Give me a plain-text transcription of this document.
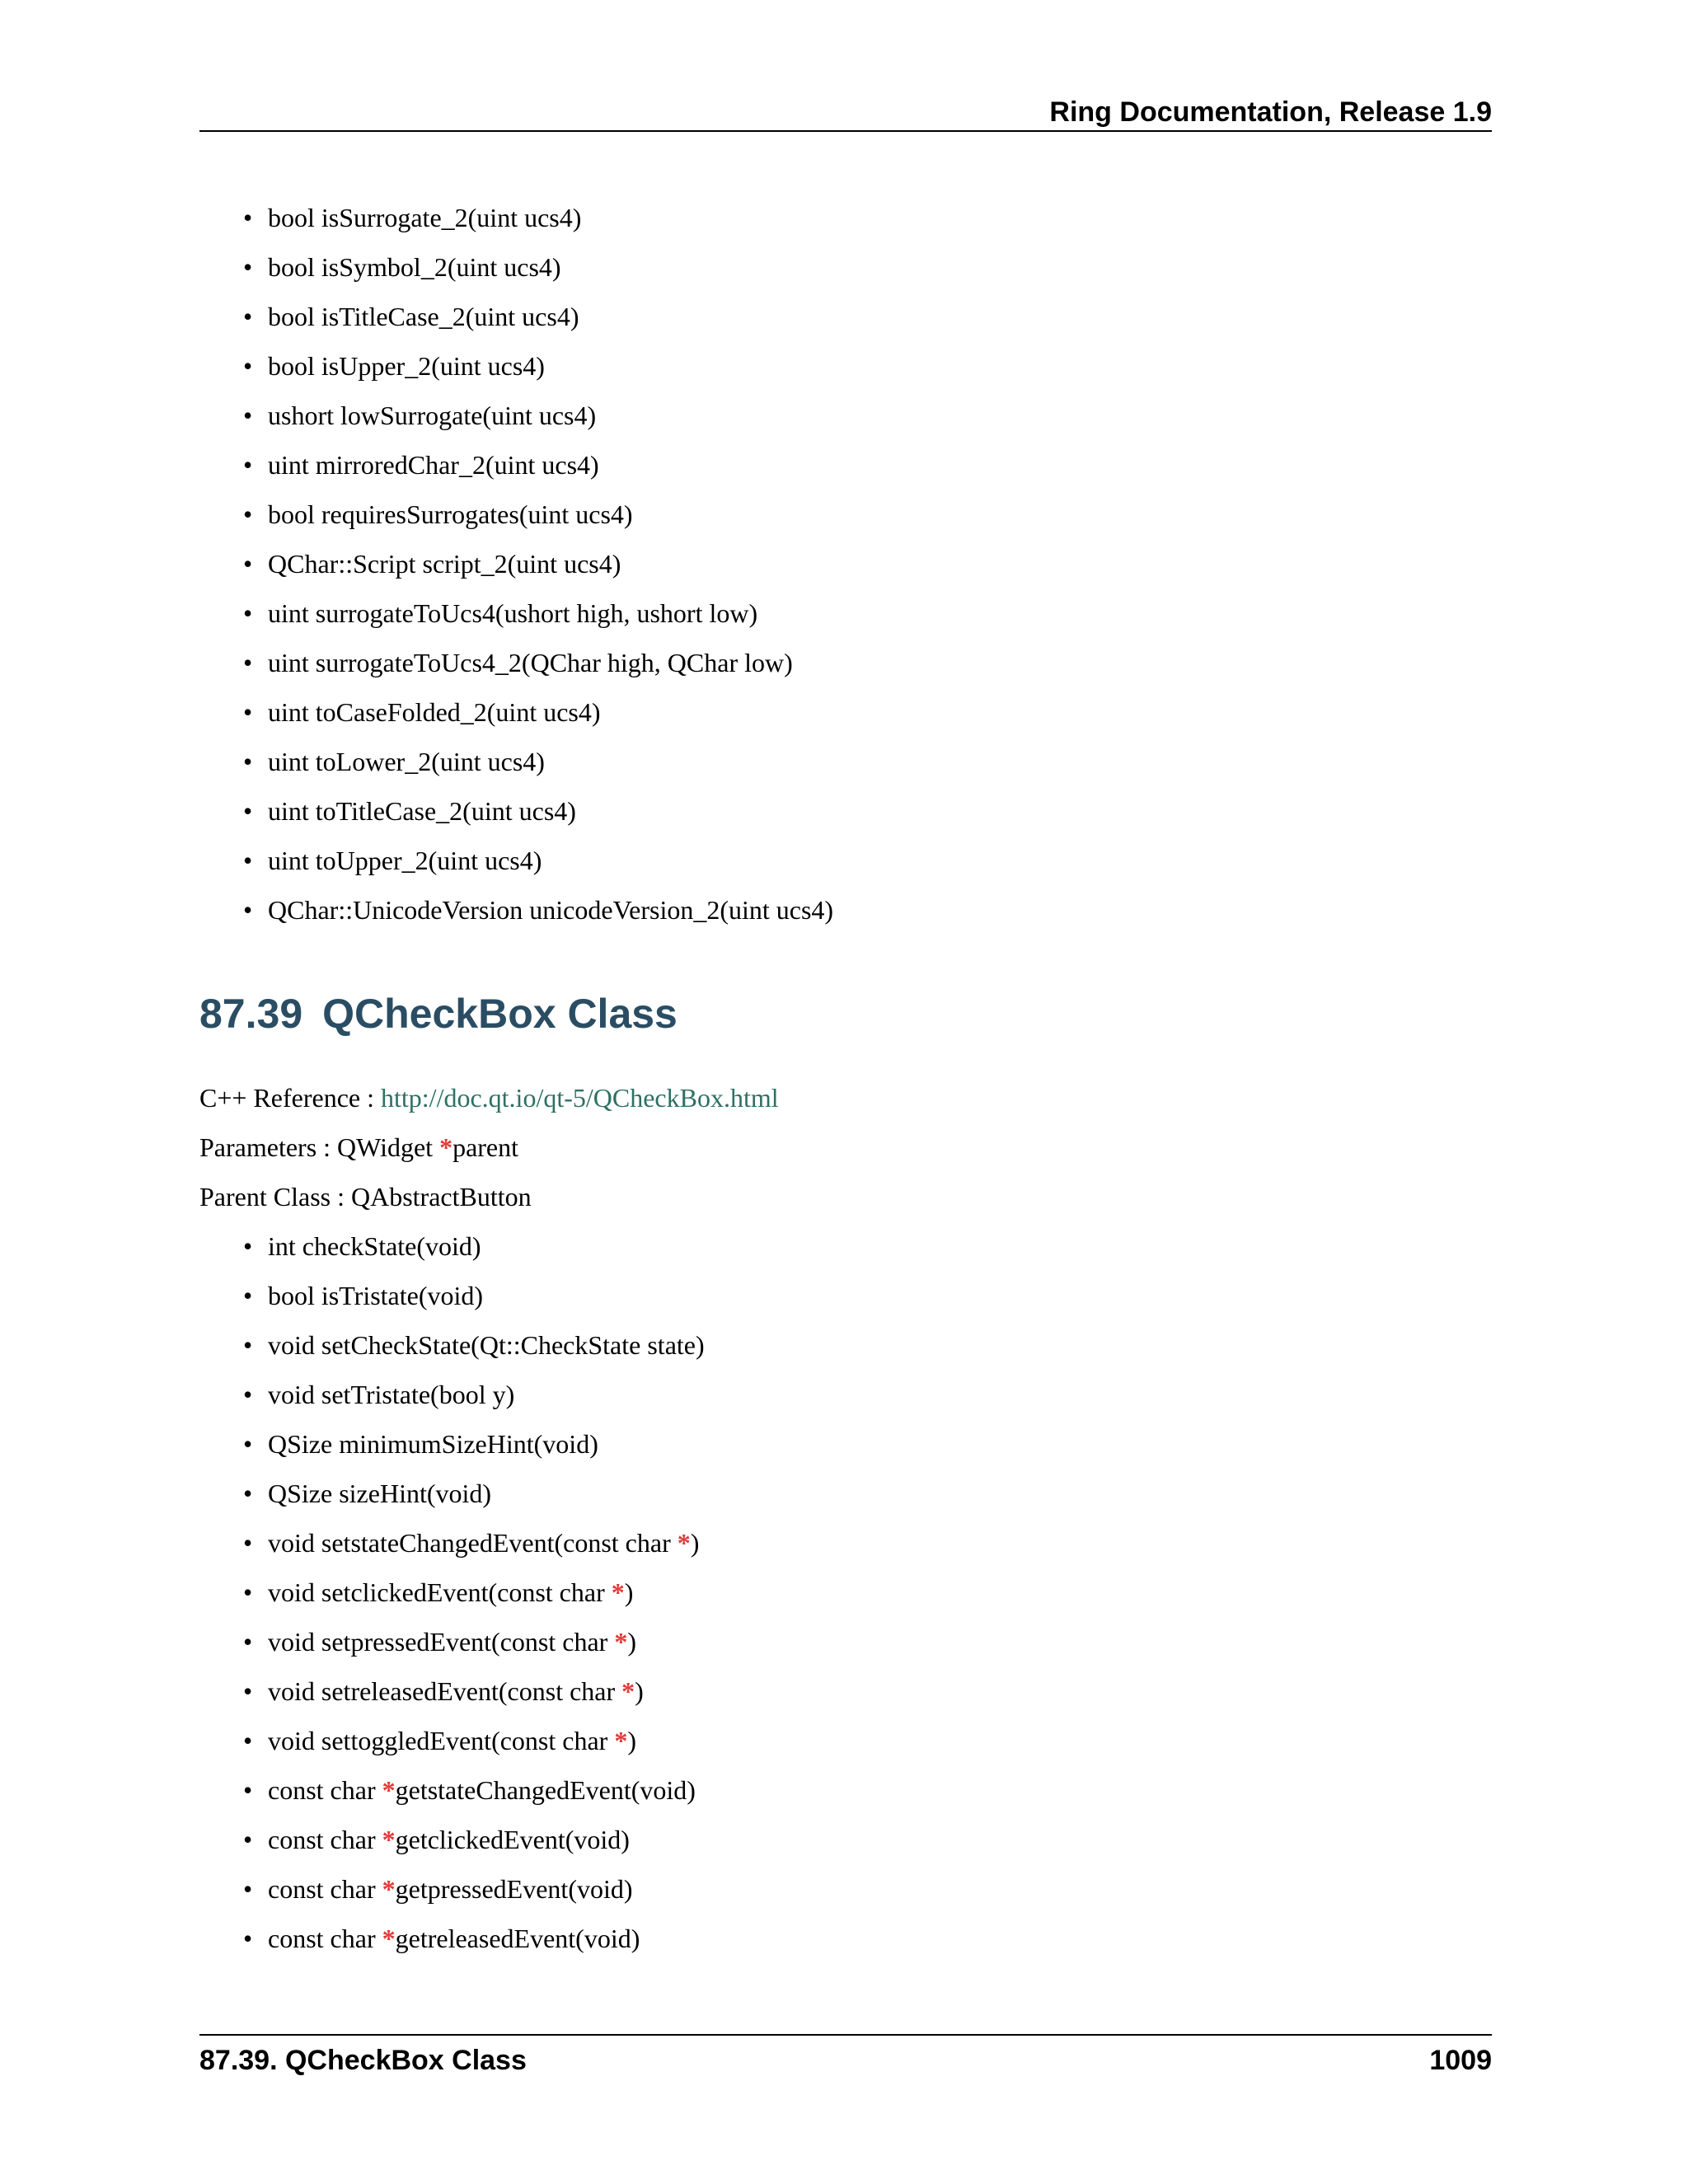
Ring Documentation, Release 1.9
• bool isSurrogate_2(uint ucs4)
• bool isSymbol_2(uint ucs4)
• bool isTitleCase_2(uint ucs4)
• bool isUpper_2(uint ucs4)
• ushort lowSurrogate(uint ucs4)
• uint mirroredChar_2(uint ucs4)
• bool requiresSurrogates(uint ucs4)
• QChar::Script script_2(uint ucs4)
• uint surrogateToUcs4(ushort high, ushort low)
• uint surrogateToUcs4_2(QChar high, QChar low)
• uint toCaseFolded_2(uint ucs4)
• uint toLower_2(uint ucs4)
• uint toTitleCase_2(uint ucs4)
• uint toUpper_2(uint ucs4)
• QChar::UnicodeVersion unicodeVersion_2(uint ucs4)
87.39 QCheckBox Class
C++ Reference : http://doc.qt.io/qt-5/QCheckBox.html
Parameters : QWidget *parent
Parent Class : QAbstractButton
• int checkState(void)
• bool isTristate(void)
• void setCheckState(Qt::CheckState state)
• void setTristate(bool y)
• QSize minimumSizeHint(void)
• QSize sizeHint(void)
• void setstateChangedEvent(const char *)
• void setclickedEvent(const char *)
• void setpressedEvent(const char *)
• void setreleasedEvent(const char *)
• void settoggledEvent(const char *)
• const char *getstateChangedEvent(void)
• const char *getclickedEvent(void)
• const char *getpressedEvent(void)
• const char *getreleasedEvent(void)
87.39. QCheckBox Class	1009
